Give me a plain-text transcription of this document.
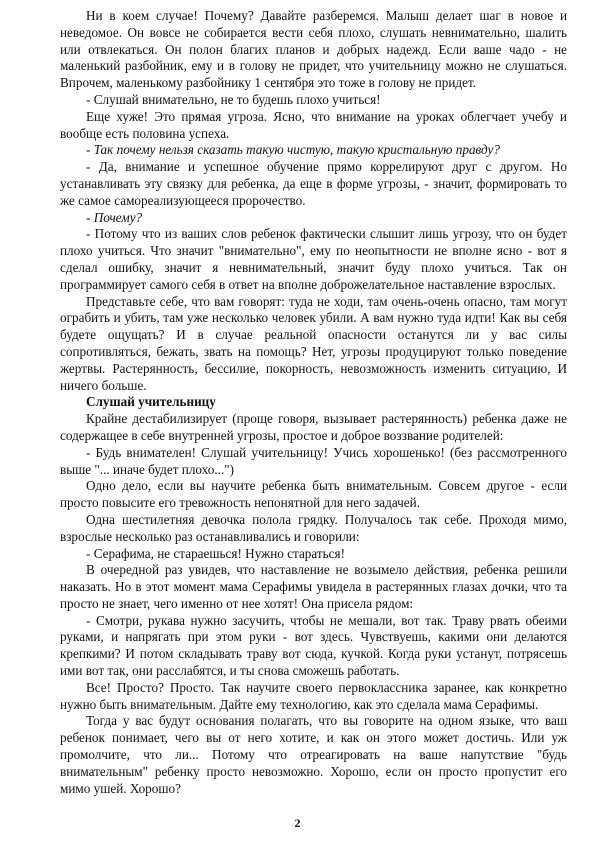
Ни в коем случае! Почему? Давайте разберемся. Малыш делает шаг в новое и неведомое. Он вовсе не собирается вести себя плохо, слушать невнимательно, шалить или отвлекаться. Он полон благих планов и добрых надежд. Если ваше чадо - не маленький разбойник, ему и в голову не придет, что учительницу можно не слушаться. Впрочем, маленькому разбойнику 1 сентября это тоже в голову не придет.

- Слушай внимательно, не то будешь плохо учиться!

Еще хуже! Это прямая угроза. Ясно, что внимание на уроках облегчает учебу и вообще есть половина успеха.

- Так почему нельзя сказать такую чистую, такую кристальную правду?

- Да, внимание и успешное обучение прямо коррелируют друг с другом. Но устанавливать эту связку для ребенка, да еще в форме угрозы, - значит, формировать то же самое самореализующееся пророчество.

- Почему?

- Потому что из ваших слов ребенок фактически слышит лишь угрозу, что он будет плохо учиться. Что значит "внимательно", ему по неопытности не вполне ясно - вот я сделал ошибку, значит я невнимательный, значит буду плохо учиться. Так он программирует самого себя в ответ на вполне доброжелательное наставление взрослых.

Представьте себе, что вам говорят: туда не ходи, там очень-очень опасно, там могут ограбить и убить, там уже несколько человек убили. А вам нужно туда идти! Как вы себя будете ощущать? И в случае реальной опасности останутся ли у вас силы сопротивляться, бежать, звать на помощь? Нет, угрозы продуцируют только поведение жертвы. Растерянность, бессилие, покорность, невозможность изменить ситуацию, И ничего больше.

Слушай учительницу

Крайне дестабилизирует (проще говоря, вызывает растерянность) ребенка даже не содержащее в себе внутренней угрозы, простое и доброе воззвание родителей:

- Будь внимателен! Слушай учительницу! Учись хорошенько! (без рассмотренного выше "... иначе будет плохо...")

Одно дело, если вы научите ребенка быть внимательным. Совсем другое - если просто повысите его тревожность непонятной для него задачей.

Одна шестилетняя девочка полола грядку. Получалось так себе. Проходя мимо, взрослые несколько раз останавливались и говорили:

- Серафима, не стараешься! Нужно стараться!

В очередной раз увидев, что наставление не возымело действия, ребенка решили наказать. Но в этот момент мама Серафимы увидела в растерянных глазах дочки, что та просто не знает, чего именно от нее хотят! Она присела рядом:

- Смотри, рукава нужно засучить, чтобы не мешали, вот так. Траву рвать обеими руками, и напрягать при этом руки - вот здесь. Чувствуешь, какими они делаются крепкими? И потом складывать траву вот сюда, кучкой. Когда руки устанут, потрясешь ими вот так, они расслабятся, и ты снова сможешь работать.

Все! Просто? Просто. Так научите своего первоклассника заранее, как конкретно нужно быть внимательным. Дайте ему технологию, как это сделала мама Серафимы.

Тогда у вас будут основания полагать, что вы говорите на одном языке, что ваш ребенок понимает, чего вы от него хотите, и как он этого может достичь. Или уж промолчите, что ли... Потому что отреагировать на ваше напутствие "будь внимательным" ребенку просто невозможно. Хорошо, если он просто пропустит его мимо ушей. Хорошо?

2
